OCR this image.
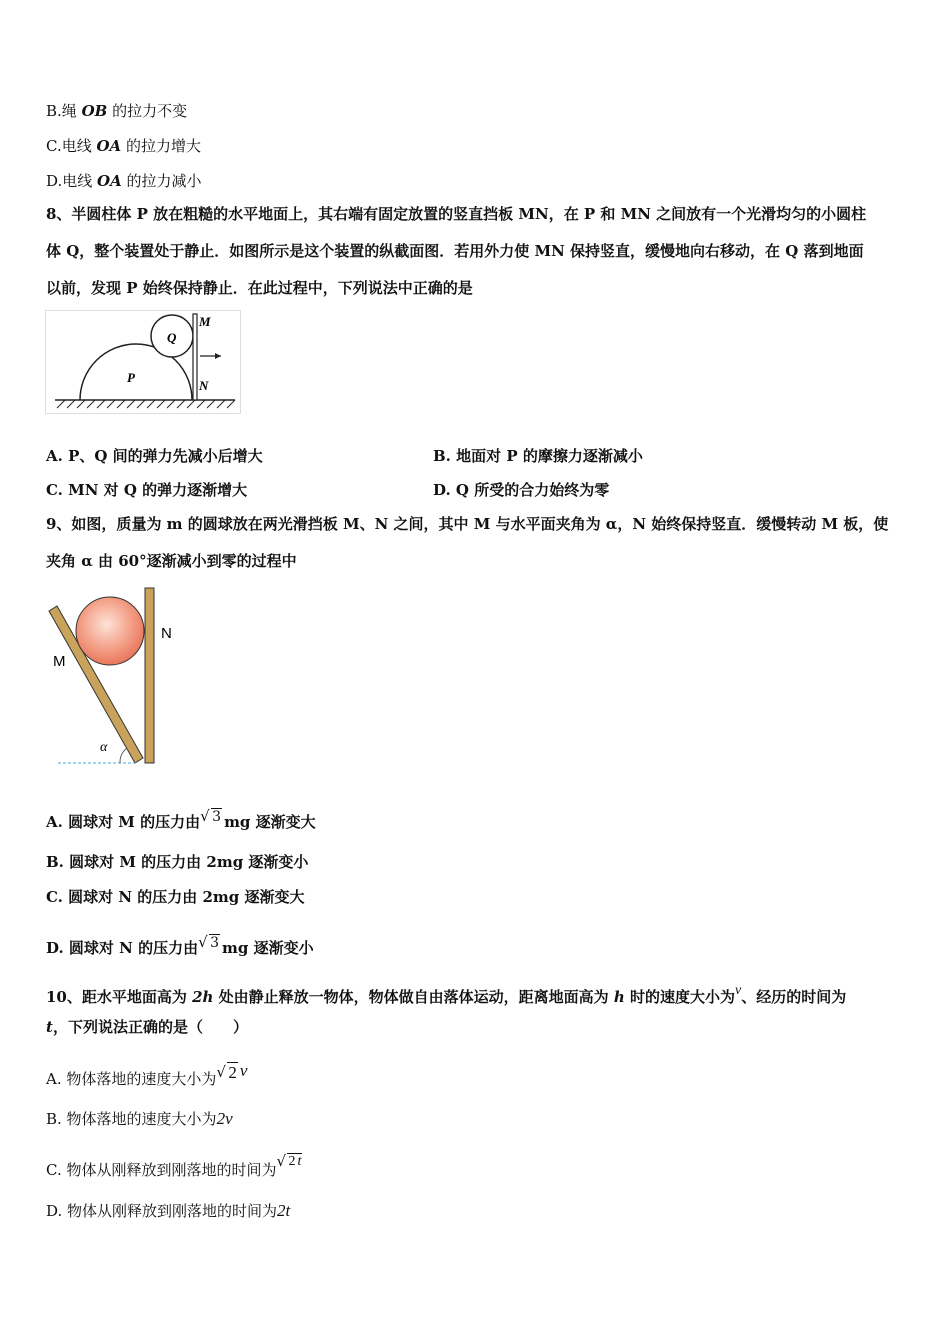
B.绳 OB 的拉力不变
C.电线 OA 的拉力增大
D.电线 OA 的拉力减小
8、半圆柱体 P 放在粗糙的水平地面上，其右端有固定放置的竖直挡板 MN，在 P 和 MN 之间放有一个光滑均匀的小圆柱
体 Q，整个装置处于静止．如图所示是这个装置的纵截面图．若用外力使 MN 保持竖直，缓慢地向右移动，在 Q 落到地面
以前，发现 P 始终保持静止．在此过程中，下列说法中正确的是
Q
P
M
N
A. P、Q 间的弹力先减小后增大	B. 地面对 P 的摩擦力逐渐减小
C. MN 对 Q 的弹力逐渐增大	D. Q 所受的合力始终为零
9、如图，质量为 m 的圆球放在两光滑挡板 M、N 之间，其中 M 与水平面夹角为 α，N 始终保持竖直．缓慢转动 M 板，使
夹角 α 由 60°逐渐减小到零的过程中
M
N
α
A. 圆球对 M 的压力由 √ 3 mg 逐渐变大
B. 圆球对 M 的压力由 2mg 逐渐变小
C. 圆球对 N 的压力由 2mg 逐渐变大
D. 圆球对 N 的压力由 √ 3 mg 逐渐变小
10、距水平地面高为 2h 处由静止释放一物体，物体做自由落体运动，距离地面高为 h 时的速度大小为v、经历的时间为
t，下列说法正确的是（　　）
A. 物体落地的速度大小为 √ 2 v
B. 物体落地的速度大小为2v
C. 物体从刚释放到刚落地的时间为 √ 2 t
D. 物体从刚释放到刚落地的时间为2t
